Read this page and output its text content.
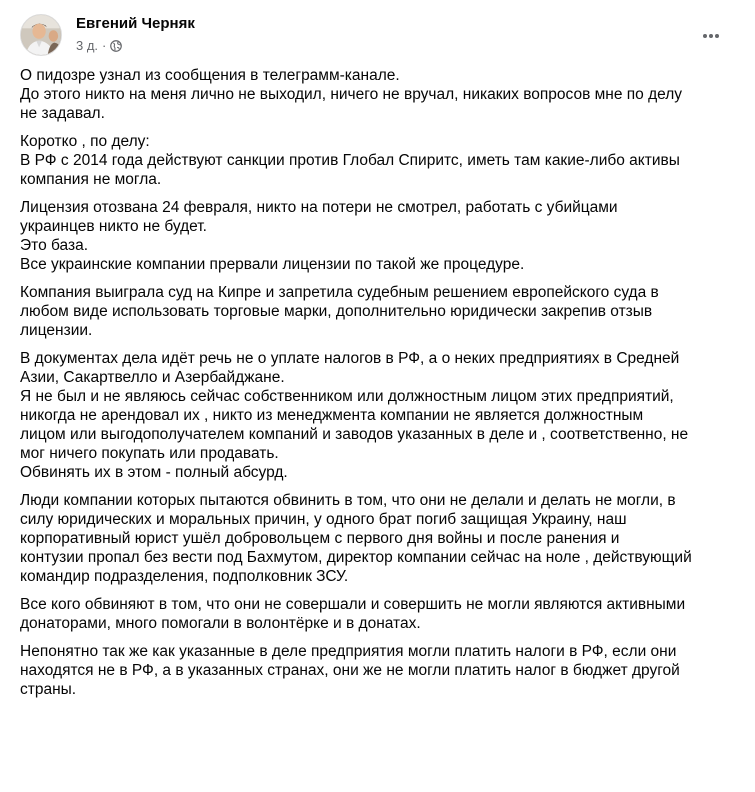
Евгений Черняк
3 д. ·
О пидозре узнал из сообщения в телеграмм-канале.
До этого никто на меня лично не выходил, ничего не вручал, никаких вопросов мне по делу
не задавал.
Коротко , по делу:
В РФ с 2014 года действуют санкции против Глобал Спиритс, иметь там какие-либо активы
компания не могла.
Лицензия отозвана 24 февраля, никто на потери не смотрел, работать с убийцами
украинцев никто не будет.
Это база.
Все украинские компании прервали лицензии по такой же процедуре.
Компания выиграла суд на Кипре и запретила судебным решением европейского суда в
любом виде использовать торговые марки, дополнительно юридически закрепив отзыв
лицензии.
В документах дела идёт речь не о уплате налогов в РФ, а о неких предприятиях в Средней
Азии, Сакартвелло и Азербайджане.
Я не был и не являюсь сейчас собственником или должностным лицом этих предприятий,
никогда не арендовал их , никто из менеджмента компании не является должностным
лицом или выгодополучателем компаний и заводов указанных в деле и , соответственно, не
мог ничего покупать или продавать.
Обвинять их в этом - полный абсурд.
Люди компании которых пытаются обвинить в том, что они не делали и делать не могли, в
силу юридических и моральных причин, у одного брат погиб защищая Украину, наш
корпоративный юрист ушёл добровольцем с первого дня войны и после ранения и
контузии пропал без вести под Бахмутом, директор компании сейчас на ноле , действующий
командир подразделения, подполковник ЗСУ.
Все кого обвиняют в том, что они не совершали и совершить не могли являются активными
донаторами, много помогали в волонтёрке и в донатах.
Непонятно так же как указанные в деле предприятия могли платить налоги в РФ, если они
находятся не в РФ, а в указанных странах, они же не могли платить налог в бюджет другой
страны.
